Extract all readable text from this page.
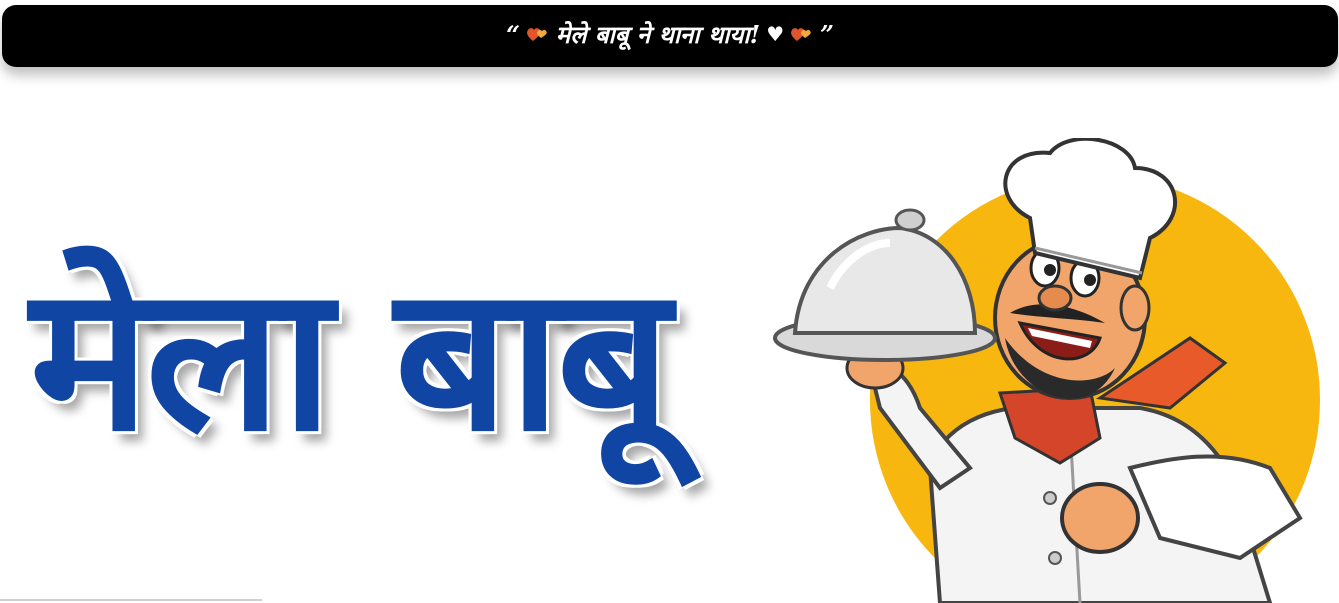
“ मेले बाबू ने थाना थाया! ♥ ”
मेला बाबू
